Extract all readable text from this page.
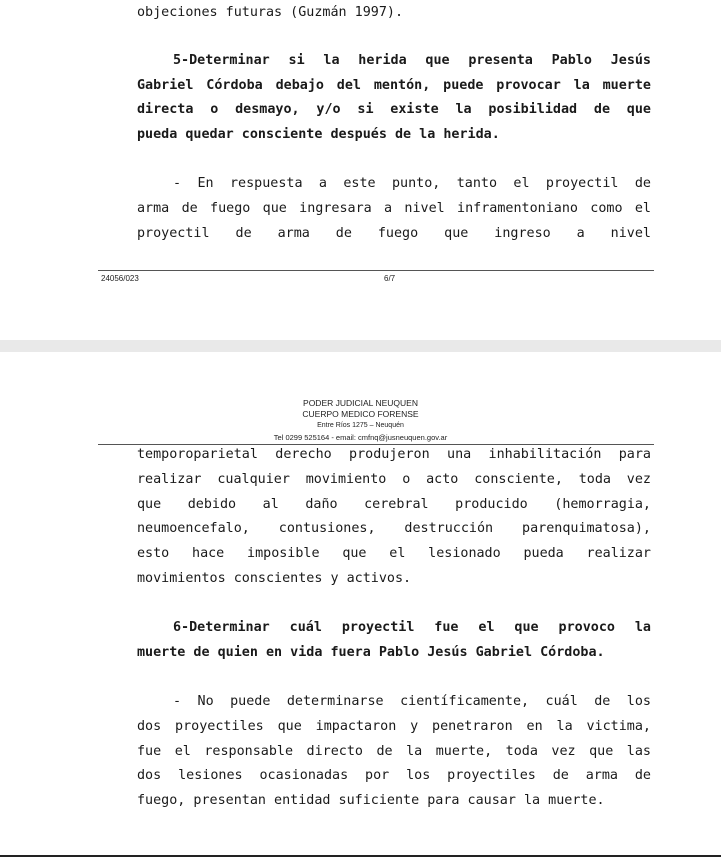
objeciones futuras (Guzmán 1997).
5-Determinar si la herida que presenta Pablo Jesús
Gabriel Córdoba debajo del mentón, puede provocar la muerte
directa o desmayo, y/o si existe la posibilidad de que
pueda quedar consciente después de la herida.
- En respuesta a este punto, tanto el proyectil de
arma de fuego que ingresara a nivel inframentoniano como el
proyectil de arma de fuego que ingreso a nivel
24056/023	6/7
PODER JUDICIAL NEUQUEN
CUERPO MEDICO FORENSE
Entre Ríos 1275 – Neuquén
Tel 0299 525164 - email: cmfnq@jusneuquen.gov.ar
temporoparietal derecho produjeron una inhabilitación para
realizar cualquier movimiento o acto consciente, toda vez
que debido al daño cerebral producido (hemorragia,
neumoencefalo, contusiones, destrucción parenquimatosa),
esto hace imposible que el lesionado pueda realizar
movimientos conscientes y activos.
6-Determinar cuál proyectil fue el que provoco la
muerte de quien en vida fuera Pablo Jesús Gabriel Córdoba.
- No puede determinarse científicamente, cuál de los
dos proyectiles que impactaron y penetraron en la victima,
fue el responsable directo de la muerte, toda vez que las
dos lesiones ocasionadas por los proyectiles de arma de
fuego, presentan entidad suficiente para causar la muerte.
